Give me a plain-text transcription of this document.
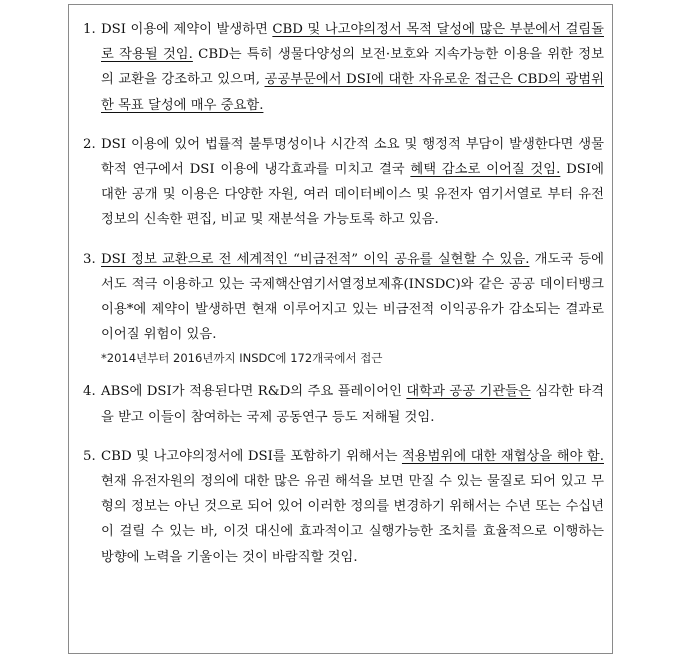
1. DSI 이용에 제약이 발생하면 CBD 및 나고야의정서 목적 달성에 많은 부분에서 걸림돌로 작용될 것임. CBD는 특히 생물다양성의 보전·보호와 지속가능한 이용을 위한 정보의 교환을 강조하고 있으며, 공공부문에서 DSI에 대한 자유로운 접근은 CBD의 광범위한 목표 달성에 매우 중요함.
2. DSI 이용에 있어 법률적 불투명성이나 시간적 소요 및 행정적 부담이 발생한다면 생물학적 연구에서 DSI 이용에 냉각효과를 미치고 결국 혜택 감소로 이어질 것임. DSI에 대한 공개 및 이용은 다양한 자원, 여러 데이터베이스 및 유전자 염기서열로 부터 유전정보의 신속한 편집, 비교 및 재분석을 가능토록 하고 있음.
3. DSI 정보 교환으로 전 세계적인 “비금전적” 이익 공유를 실현할 수 있음. 개도국 등에서도 적극 이용하고 있는 국제핵산염기서열정보제휴(INSDC)와 같은 공공 데이터뱅크 이용*에 제약이 발생하면 현재 이루어지고 있는 비금전적 이익공유가 감소되는 결과로 이어질 위험이 있음.
*2014년부터 2016년까지 INSDC에 172개국에서 접근
4. ABS에 DSI가 적용된다면 R&D의 주요 플레이어인 대학과 공공 기관들은 심각한 타격을 받고 이들이 참여하는 국제 공동연구 등도 저해될 것임.
5. CBD 및 나고야의정서에 DSI를 포함하기 위해서는 적용범위에 대한 재협상을 해야 함. 현재 유전자원의 정의에 대한 많은 유권 해석을 보면 만질 수 있는 물질로 되어 있고 무형의 정보는 아닌 것으로 되어 있어 이러한 정의를 변경하기 위해서는 수년 또는 수십년이 걸릴 수 있는 바, 이것 대신에 효과적이고 실행가능한 조치를 효율적으로 이행하는 방향에 노력을 기울이는 것이 바람직할 것임.
